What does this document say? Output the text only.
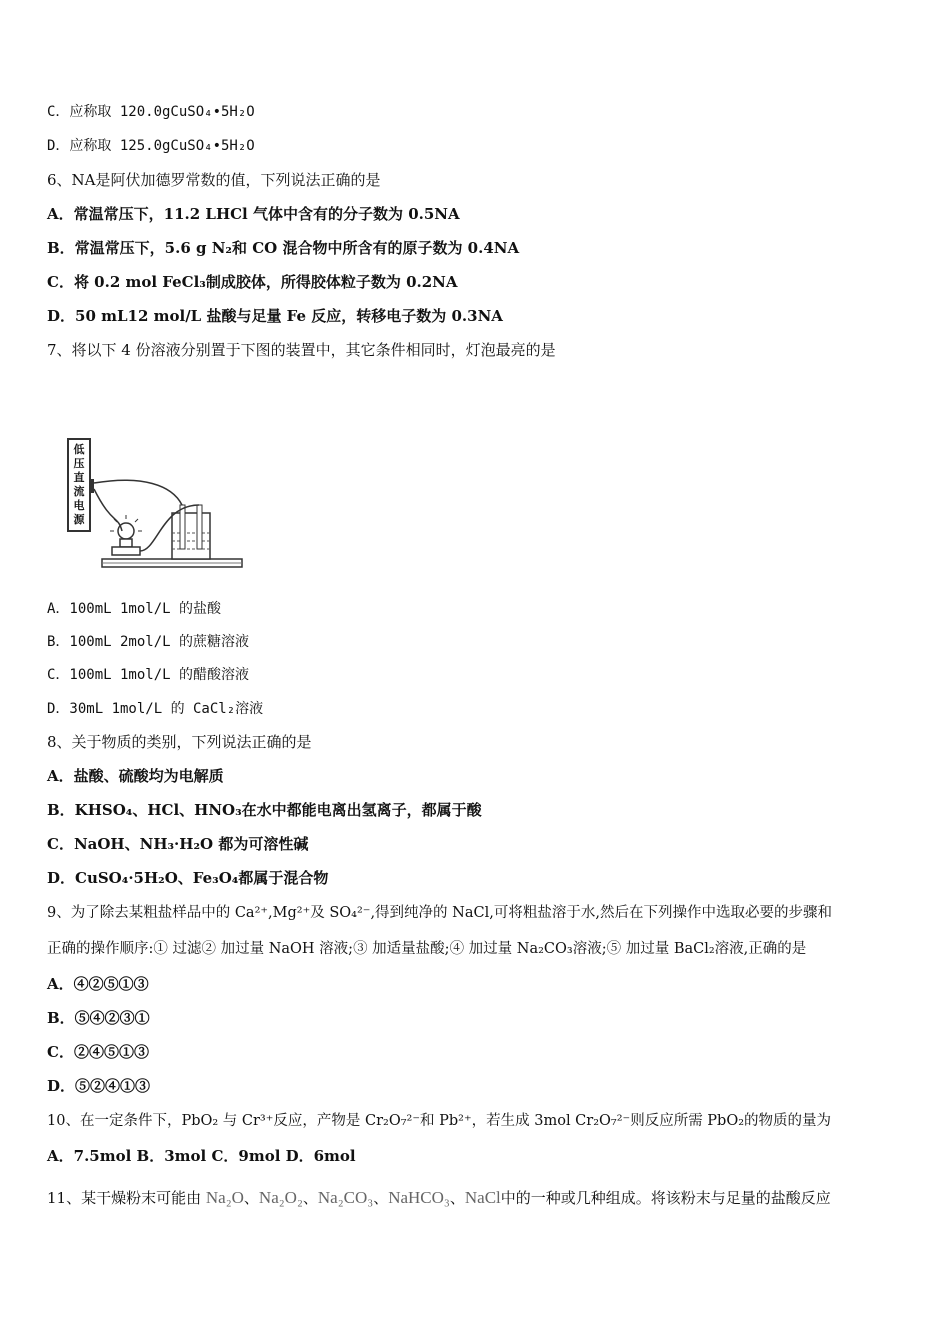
C．应称取 120.0gCuSO₄•5H₂O
D．应称取 125.0gCuSO₄•5H₂O
6、NA是阿伏加德罗常数的值，下列说法正确的是
A．常温常压下，11.2 LHCl 气体中含有的分子数为 0.5NA
B．常温常压下，5.6 g N₂和 CO 混合物中所含有的原子数为 0.4NA
C．将 0.2 mol FeCl₃制成胶体，所得胶体粒子数为 0.2NA
D．50 mL12 mol/L 盐酸与足量 Fe 反应，转移电子数为 0.3NA
7、将以下 4 份溶液分别置于下图的装置中，其它条件相同时，灯泡最亮的是
低压直流电源
A．100mL 1mol/L 的盐酸
B．100mL 2mol/L 的蔗糖溶液
C．100mL 1mol/L 的醋酸溶液
D．30mL 1mol/L 的 CaCl₂溶液
8、关于物质的类别，下列说法正确的是
A．盐酸、硫酸均为电解质
B．KHSO₄、HCl、HNO₃在水中都能电离出氢离子，都属于酸
C．NaOH、NH₃·H₂O 都为可溶性碱
D．CuSO₄·5H₂O、Fe₃O₄都属于混合物
9、为了除去某粗盐样品中的 Ca²⁺,Mg²⁺及 SO₄²⁻,得到纯净的 NaCl,可将粗盐溶于水,然后在下列操作中选取必要的步骤和
正确的操作顺序:① 过滤② 加过量 NaOH 溶液;③ 加适量盐酸;④ 加过量 Na₂CO₃溶液;⑤ 加过量 BaCl₂溶液,正确的是
A．④②⑤①③
B．⑤④②③①
C．②④⑤①③
D．⑤②④①③
10、在一定条件下，PbO₂ 与 Cr³⁺反应，产物是 Cr₂O₇²⁻和 Pb²⁺，若生成 3mol Cr₂O₇²⁻则反应所需 PbO₂的物质的量为
A．7.5mol B．3mol C．9mol D．6mol
11、某干燥粉末可能由 Na₂O、Na₂O₂、Na₂CO₃、NaHCO₃、NaCl中的一种或几种组成。将该粉末与足量的盐酸反应
